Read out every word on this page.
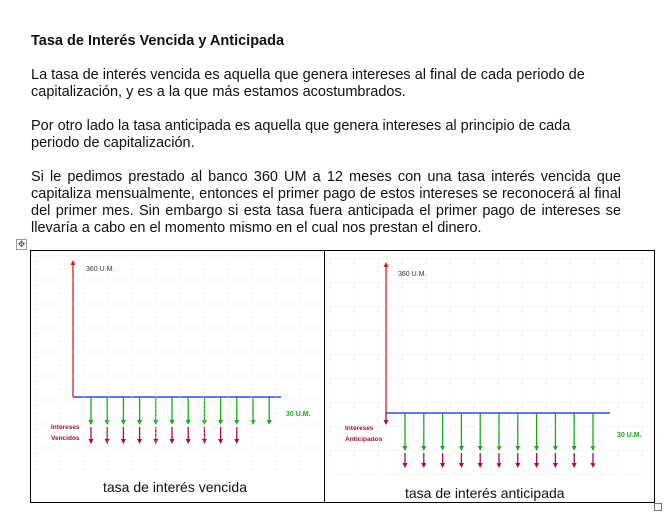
Tasa de Interés Vencida y Anticipada

La tasa de interés vencida es aquella que genera intereses al final de cada periodo de capitalización, y es a la que más estamos acostumbrados.

Por otro lado la tasa anticipada es aquella que genera intereses al principio de cada periodo de capitalización.

Si le pedimos prestado al banco 360 UM a 12 meses con una tasa interés vencida que capitaliza mensualmente, entonces el primer pago de estos intereses se reconocerá al final del primer mes. Sin embargo si esta tasa fuera anticipada el primer pago de intereses se llevaría a cabo en el momento mismo en el cual nos prestan el dinero.

✥
360 U.M.
30 U.M.
Intereses
Vencidos
360 U.M.
30 U.M.
Intereses
Anticipados
tasa de interés vencida	tasa de interés anticipada
